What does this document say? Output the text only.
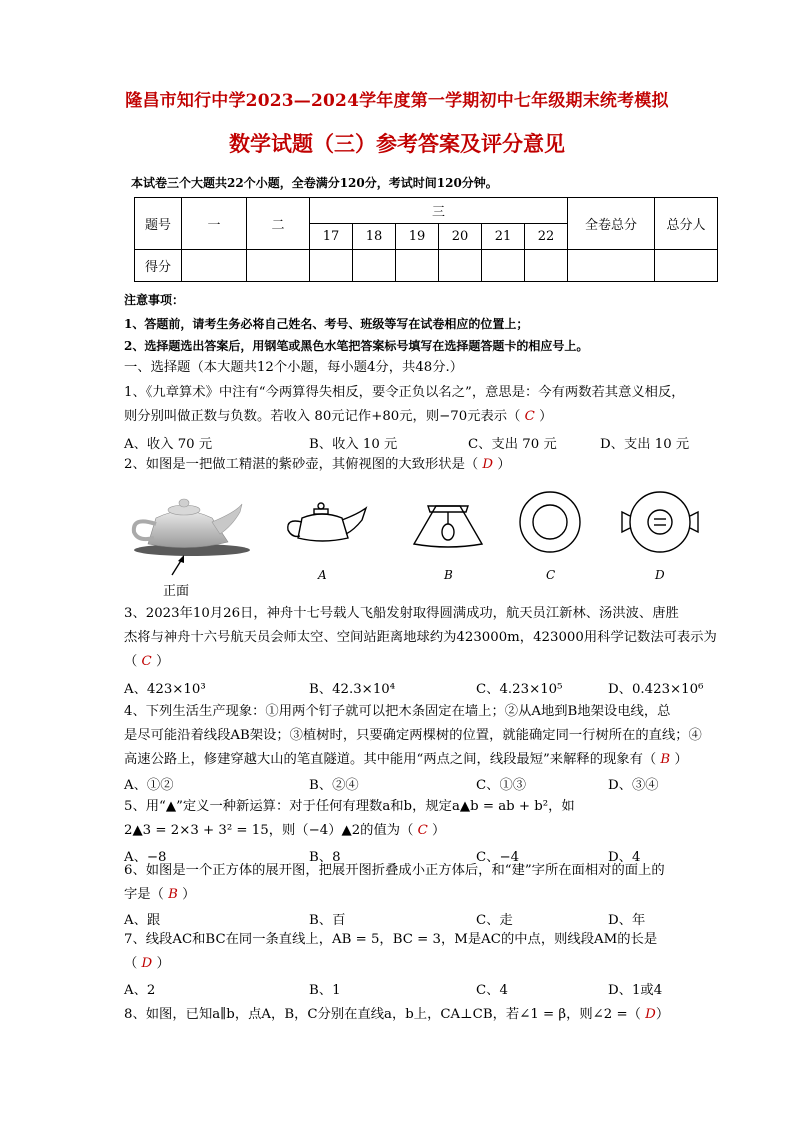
隆昌市知行中学2023—2024学年度第一学期初中七年级期末统考模拟
数学试题（三）参考答案及评分意见
本试卷三个大题共22个小题，全卷满分120分，考试时间120分钟。
题号	一	二	三						全卷总分	总分人
			17	18	19	20	21	22		
得分										
注意事项：
1、答题前，请考生务必将自己姓名、考号、班级等写在试卷相应的位置上；
2、选择题选出答案后，用钢笔或黑色水笔把答案标号填写在选择题答题卡的相应号上。
一、选择题（本大题共12个小题，每小题4分，共48分.）
1、《九章算术》中注有“今两算得失相反，要令正负以名之”，意思是：今有两数若其意义相反，
则分别叫做正数与负数。若收入 80元记作+80元，则−70元表示（ C ）
A、收入 70 元	B、收入 10 元	C、支出 70 元	D、支出 10 元
2、如图是一把做工精湛的紫砂壶，其俯视图的大致形状是（ D ）
正面
A	B	C	D
3、2023年10月26日，神舟十七号载人飞船发射取得圆满成功，航天员江新林、汤洪波、唐胜
杰将与神舟十六号航天员会师太空、空间站距离地球约为423000m，423000用科学记数法可表示为
（ C ）
A、423×10³	B、42.3×10⁴	C、4.23×10⁵	D、0.423×10⁶
4、下列生活生产现象：①用两个钉子就可以把木条固定在墙上；②从A地到B地架设电线，总
是尽可能沿着线段AB架设；③植树时，只要确定两棵树的位置，就能确定同一行树所在的直线；④
高速公路上，修建穿越大山的笔直隧道。其中能用“两点之间，线段最短”来解释的现象有（ B ）
A、①②	B、②④	C、①③	D、③④
5、用“▲”定义一种新运算：对于任何有理数a和b，规定a▲b = ab + b²，如
2▲3 = 2×3 + 3² = 15，则（−4）▲2的值为（ C ）
A、−8	B、8	C、−4	D、4
6、如图是一个正方体的展开图，把展开图折叠成小正方体后，和“建”字所在面相对的面上的
字是（ B ）
A、跟	B、百	C、走	D、年
7、线段AC和BC在同一条直线上，AB = 5，BC = 3，M是AC的中点，则线段AM的长是
（ D ）
A、2	B、1	C、4	D、1或4
8、如图，已知a∥b，点A，B，C分别在直线a，b上，CA⊥CB，若∠1 = β，则∠2 =（ D）
